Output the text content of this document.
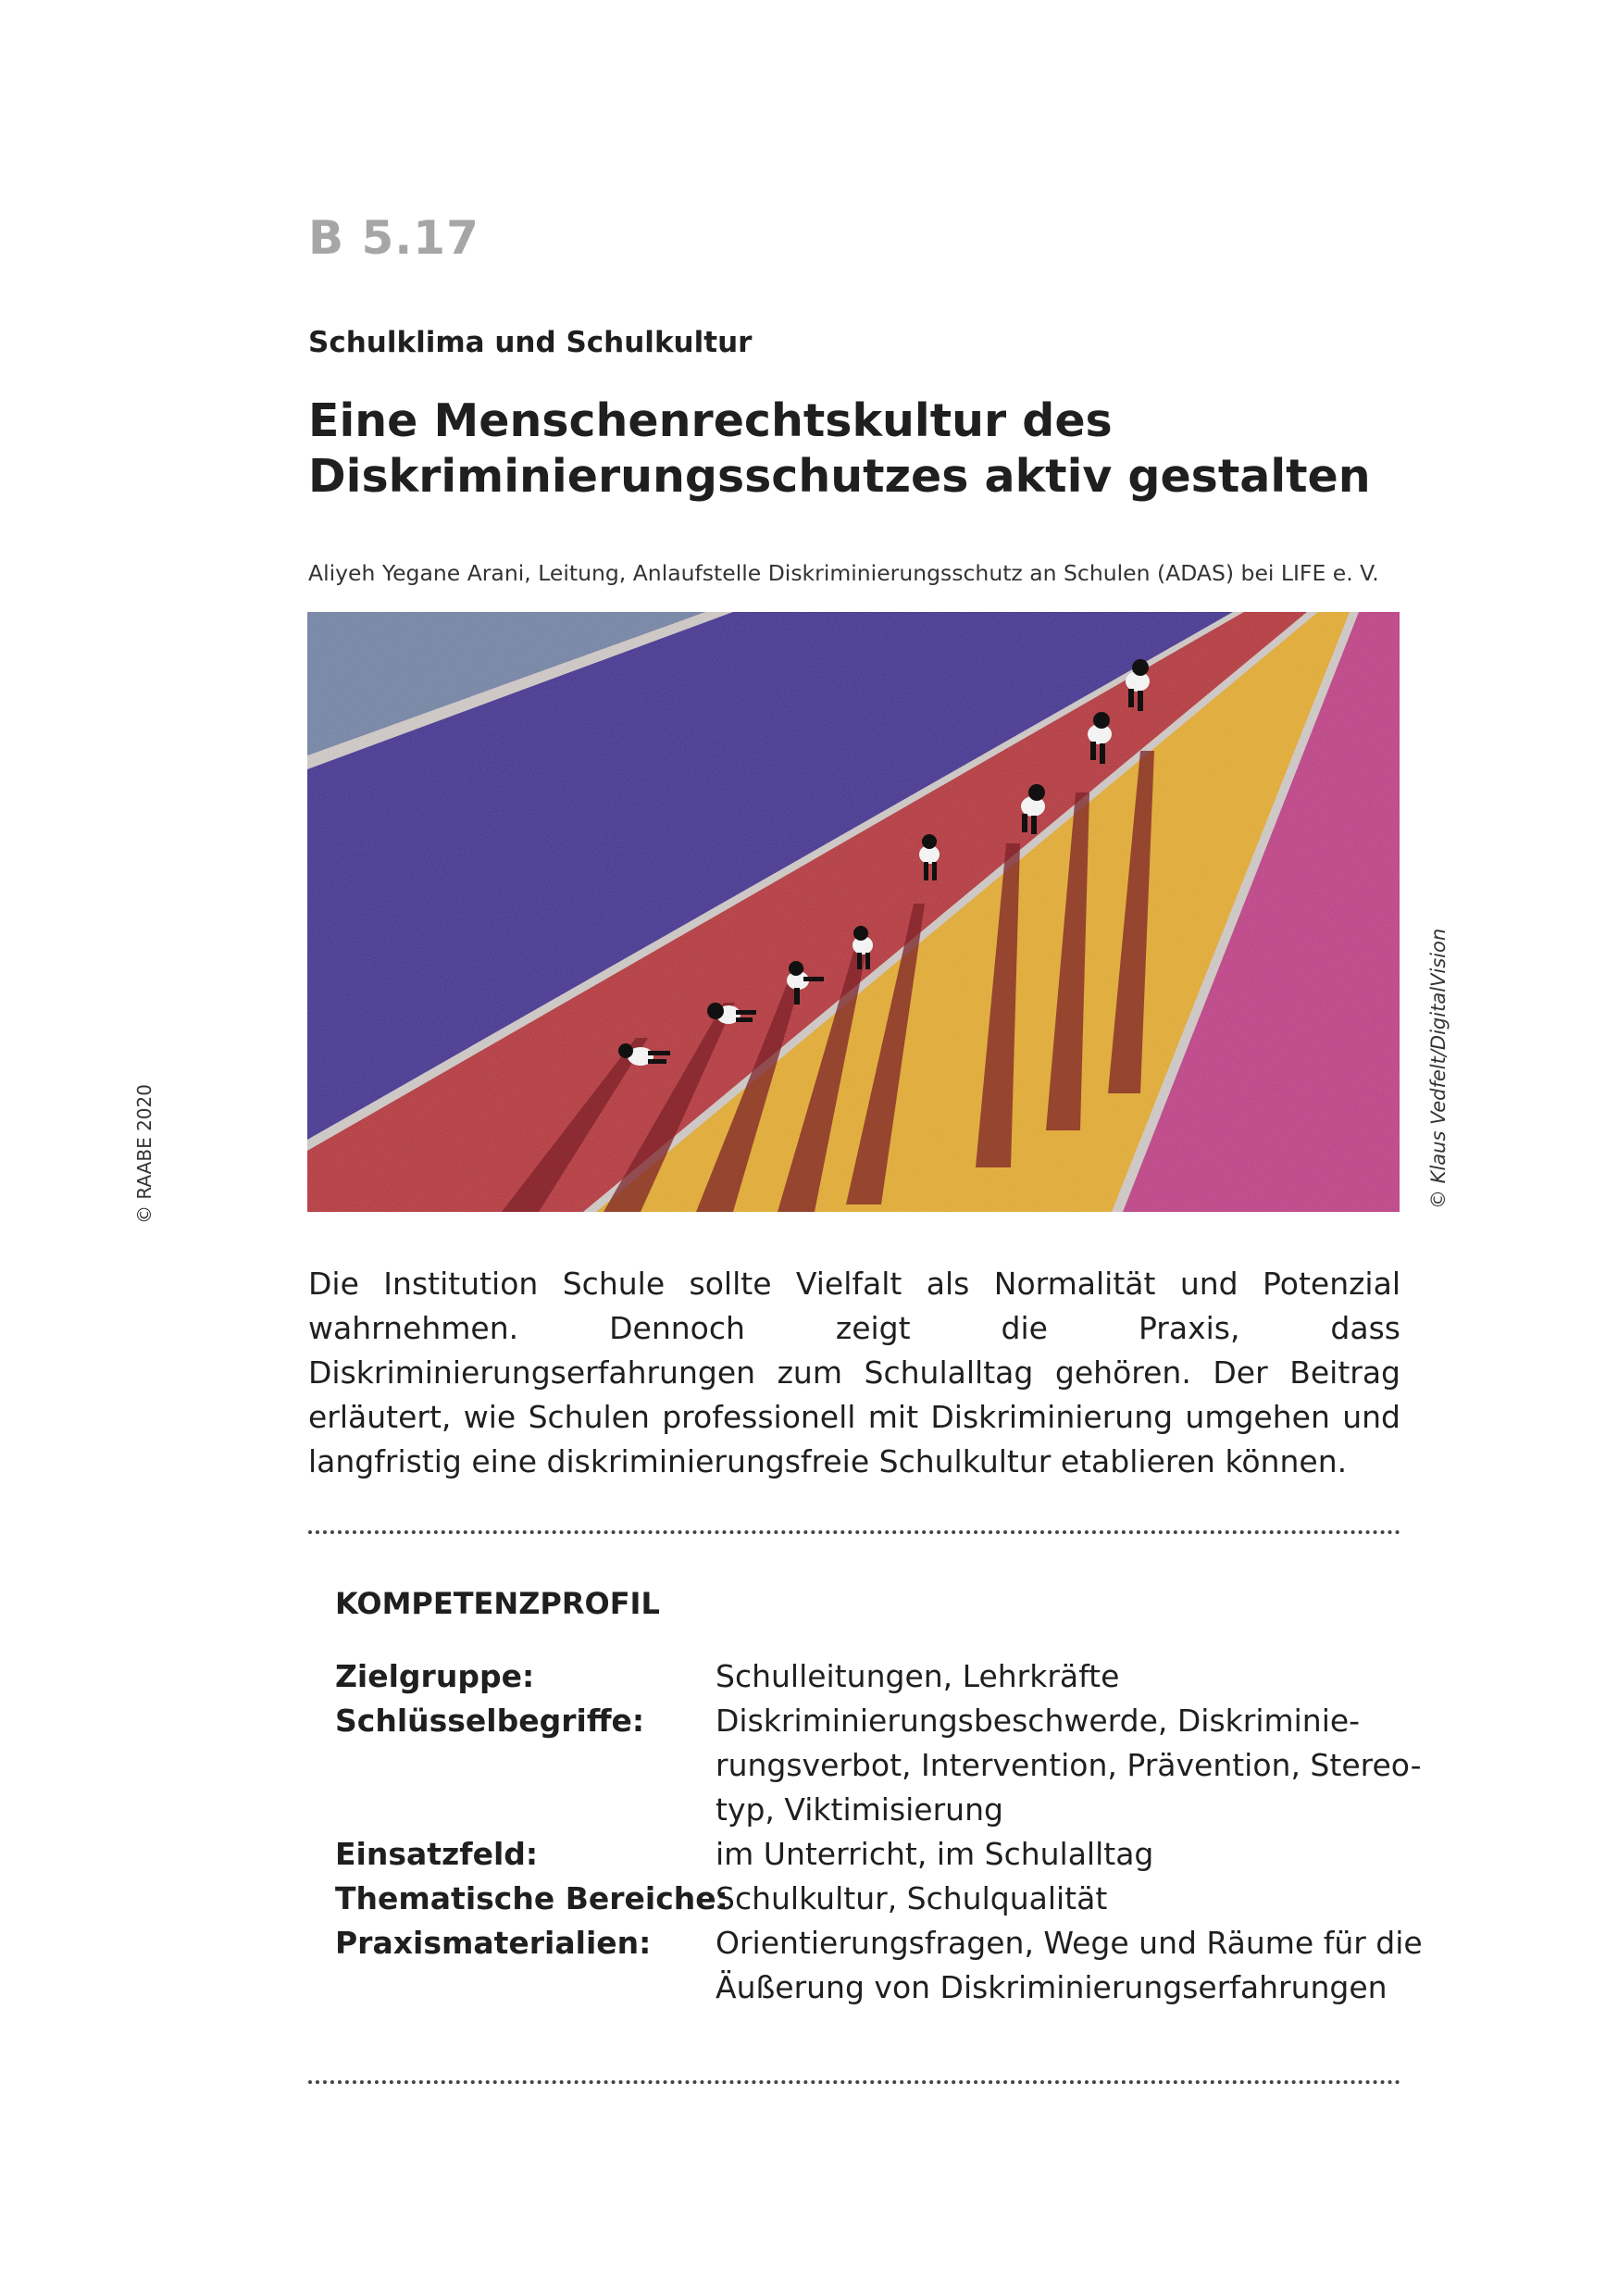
B 5.17
Schulklima und Schulkultur
Eine Menschenrechtskultur des
Diskriminierungsschutzes aktiv gestalten
Aliyeh Yegane Arani, Leitung, Anlaufstelle Diskriminierungsschutz an Schulen (ADAS) bei LIFE e. V.
© Klaus Vedfelt/DigitalVision
© RAABE 2020
Die Institution Schule sollte Vielfalt als Normalität und Potenzial wahrnehmen.	Dennoch zeigt die Praxis, dass Diskriminierungserfahrungen zum Schulalltag gehören. Der Beitrag erläutert, wie Schulen professionell mit Diskriminierung umgehen und langfristig eine diskriminierungsfreie Schulkultur etablieren können.
KOMPETENZPROFIL
Zielgruppe:	Schulleitungen, Lehrkräfte
Schlüsselbegriffe: Diskriminierungsbeschwerde, Diskriminie-
rungsverbot, Intervention, Prävention, Stereo-
typ, Viktimisierung
Einsatzfeld:	im Unterricht, im Schulalltag
Thematische Bereiche:
Schulkultur, Schulqualität
Praxismaterialien: Orientierungsfragen, Wege und Räume für die
Äußerung von Diskriminierungserfahrungen
